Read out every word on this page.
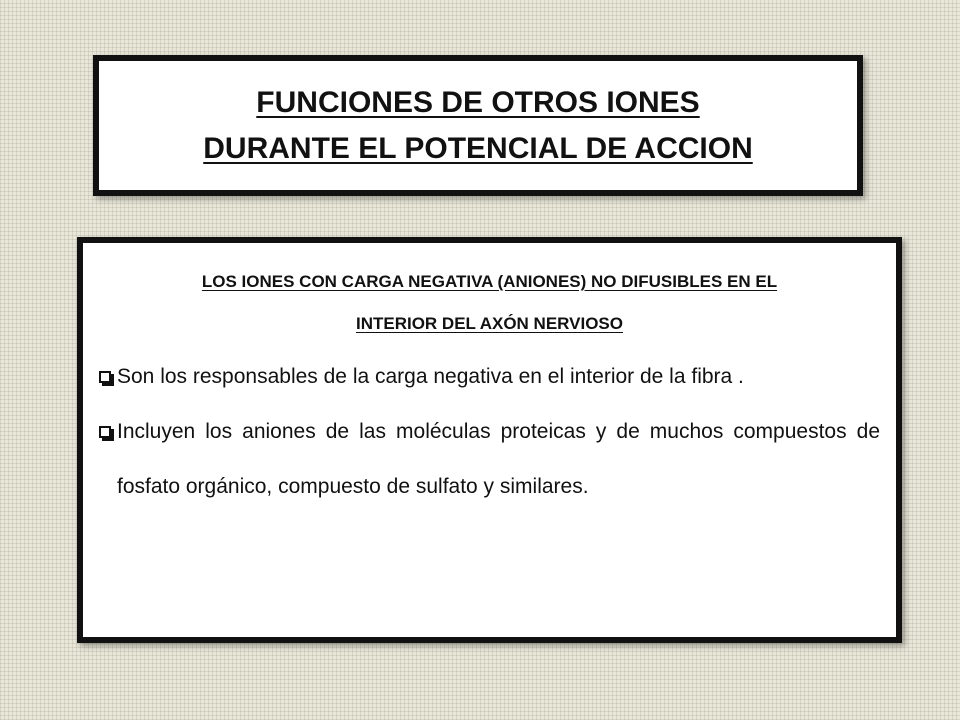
FUNCIONES DE OTROS IONES
DURANTE EL POTENCIAL DE ACCION

LOS IONES CON CARGA NEGATIVA (ANIONES) NO DIFUSIBLES EN EL
INTERIOR DEL AXÓN NERVIOSO

Son los responsables de la carga negativa en el interior de la fibra .
Incluyen los aniones de las moléculas proteicas y de muchos compuestos de fosfato orgánico, compuesto de sulfato y similares.
